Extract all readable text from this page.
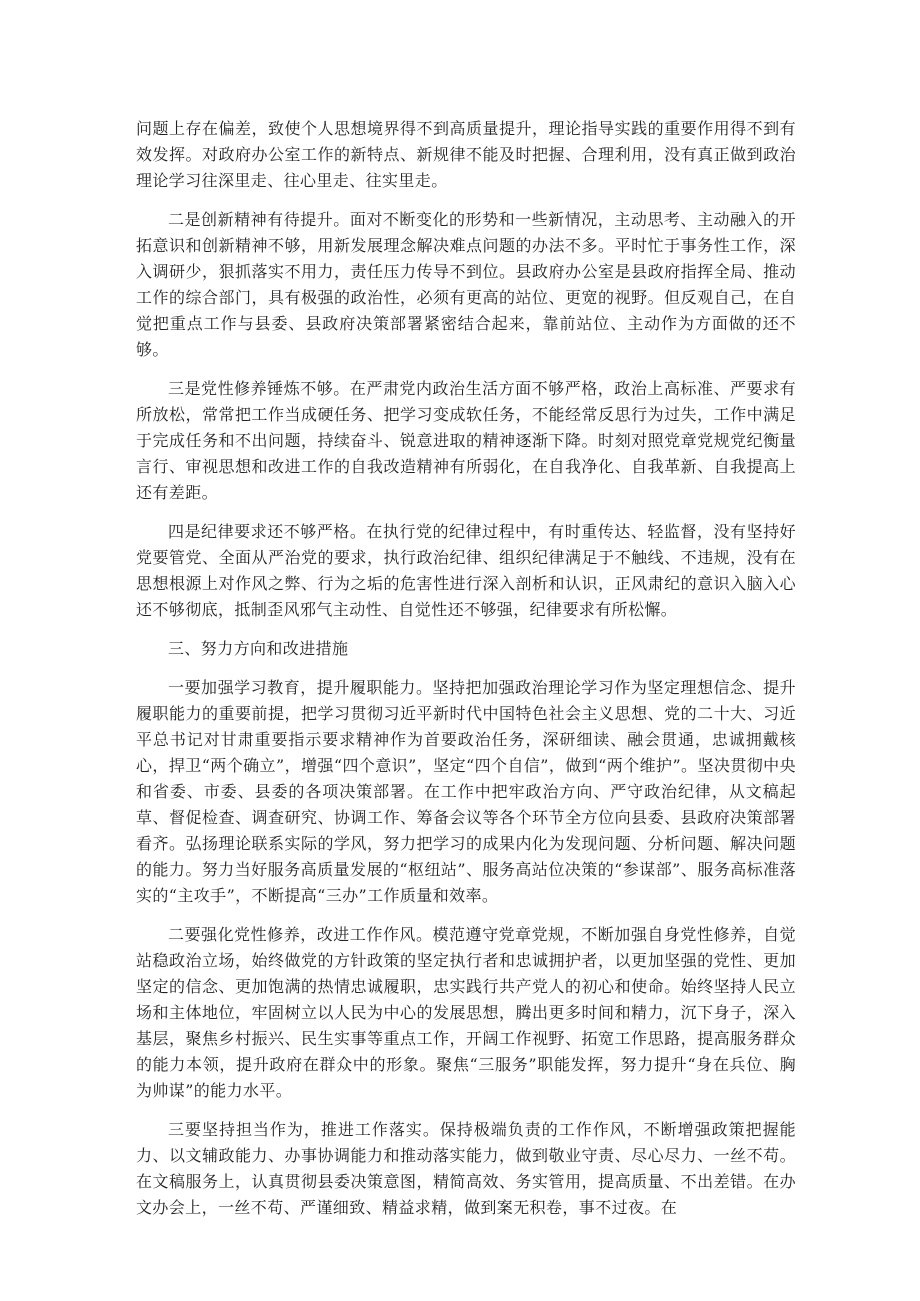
问题上存在偏差，致使个人思想境界得不到高质量提升，理论指导实践的重要作用得不到有效发挥。对政府办公室工作的新特点、新规律不能及时把握、合理利用，没有真正做到政治理论学习往深里走、往心里走、往实里走。

二是创新精神有待提升。面对不断变化的形势和一些新情况，主动思考、主动融入的开拓意识和创新精神不够，用新发展理念解决难点问题的办法不多。平时忙于事务性工作，深入调研少，狠抓落实不用力，责任压力传导不到位。县政府办公室是县政府指挥全局、推动工作的综合部门，具有极强的政治性，必须有更高的站位、更宽的视野。但反观自己，在自觉把重点工作与县委、县政府决策部署紧密结合起来，靠前站位、主动作为方面做的还不够。

三是党性修养锤炼不够。在严肃党内政治生活方面不够严格，政治上高标准、严要求有所放松，常常把工作当成硬任务、把学习变成软任务，不能经常反思行为过失，工作中满足于完成任务和不出问题，持续奋斗、锐意进取的精神逐渐下降。时刻对照党章党规党纪衡量言行、审视思想和改进工作的自我改造精神有所弱化，在自我净化、自我革新、自我提高上还有差距。

四是纪律要求还不够严格。在执行党的纪律过程中，有时重传达、轻监督，没有坚持好党要管党、全面从严治党的要求，执行政治纪律、组织纪律满足于不触线、不违规，没有在思想根源上对作风之弊、行为之垢的危害性进行深入剖析和认识，正风肃纪的意识入脑入心还不够彻底，抵制歪风邪气主动性、自觉性还不够强，纪律要求有所松懈。

三、努力方向和改进措施

一要加强学习教育，提升履职能力。坚持把加强政治理论学习作为坚定理想信念、提升履职能力的重要前提，把学习贯彻习近平新时代中国特色社会主义思想、党的二十大、习近平总书记对甘肃重要指示要求精神作为首要政治任务，深研细读、融会贯通，忠诚拥戴核心，捍卫“两个确立”，增强“四个意识”，坚定“四个自信”，做到“两个维护”。坚决贯彻中央和省委、市委、县委的各项决策部署。在工作中把牢政治方向、严守政治纪律，从文稿起草、督促检查、调查研究、协调工作、筹备会议等各个环节全方位向县委、县政府决策部署看齐。弘扬理论联系实际的学风，努力把学习的成果内化为发现问题、分析问题、解决问题的能力。努力当好服务高质量发展的“枢纽站”、服务高站位决策的“参谋部”、服务高标准落实的“主攻手”，不断提高“三办”工作质量和效率。

二要强化党性修养，改进工作作风。模范遵守党章党规，不断加强自身党性修养，自觉站稳政治立场，始终做党的方针政策的坚定执行者和忠诚拥护者，以更加坚强的党性、更加坚定的信念、更加饱满的热情忠诚履职，忠实践行共产党人的初心和使命。始终坚持人民立场和主体地位，牢固树立以人民为中心的发展思想，腾出更多时间和精力，沉下身子，深入基层，聚焦乡村振兴、民生实事等重点工作，开阔工作视野、拓宽工作思路，提高服务群众的能力本领，提升政府在群众中的形象。聚焦“三服务”职能发挥，努力提升“身在兵位、胸为帅谋”的能力水平。

三要坚持担当作为，推进工作落实。保持极端负责的工作作风，不断增强政策把握能力、以文辅政能力、办事协调能力和推动落实能力，做到敬业守责、尽心尽力、一丝不苟。在文稿服务上，认真贯彻县委决策意图，精简高效、务实管用，提高质量、不出差错。在办文办会上，一丝不苟、严谨细致、精益求精，做到案无积卷，事不过夜。在
